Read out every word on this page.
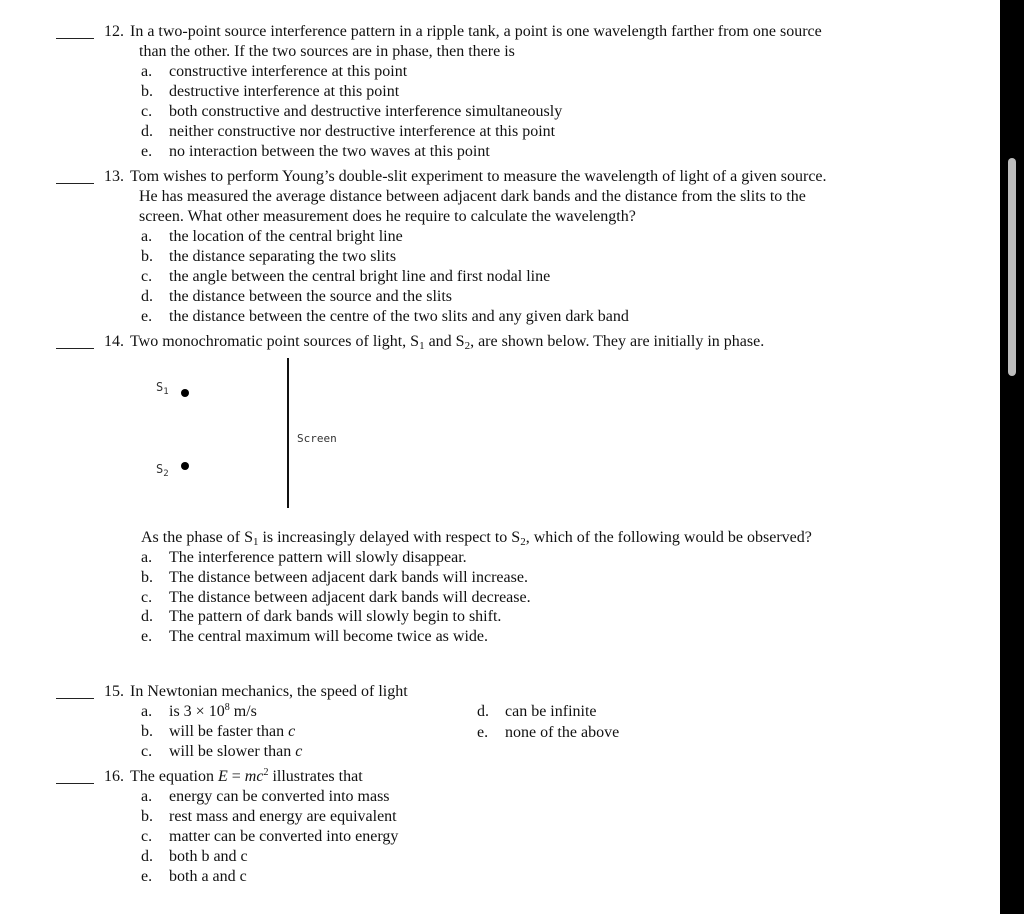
12. In a two-point source interference pattern in a ripple tank, a point is one wavelength farther from one source
than the other. If the two sources are in phase, then there is
a. constructive interference at this point
b. destructive interference at this point
c. both constructive and destructive interference simultaneously
d. neither constructive nor destructive interference at this point
e. no interaction between the two waves at this point
13. Tom wishes to perform Young’s double-slit experiment to measure the wavelength of light of a given source.
He has measured the average distance between adjacent dark bands and the distance from the slits to the
screen. What other measurement does he require to calculate the wavelength?
a. the location of the central bright line
b. the distance separating the two slits
c. the angle between the central bright line and first nodal line
d. the distance between the source and the slits
e. the distance between the centre of the two slits and any given dark band
14. Two monochromatic point sources of light, $S_1$ and $S_2$, are shown below. They are initially in phase.
$S_1$
$S_2$
Screen
As the phase of $S_1$ is increasingly delayed with respect to $S_2$, which of the following would be observed?
a. The interference pattern will slowly disappear.
b. The distance between adjacent dark bands will increase.
c. The distance between adjacent dark bands will decrease.
d. The pattern of dark bands will slowly begin to shift.
e. The central maximum will become twice as wide.
15. In Newtonian mechanics, the speed of light
a. is $3 \times 10^8$ m/s
b. will be faster than c
c. will be slower than c
d. can be infinite
e. none of the above
16. The equation $E = mc^2$ illustrates that
a. energy can be converted into mass
b. rest mass and energy are equivalent
c. matter can be converted into energy
d. both b and c
e. both a and c
